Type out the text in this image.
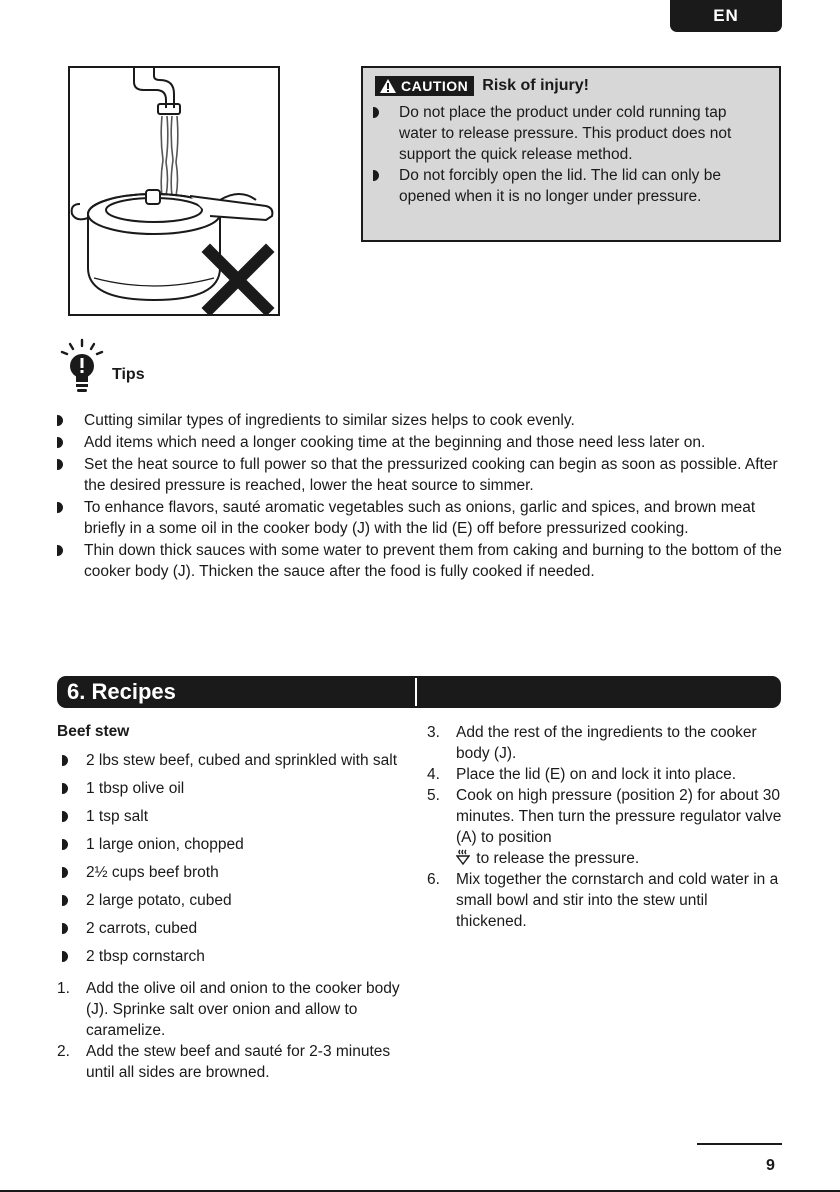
EN
CAUTION Risk of injury!
Do not place the product under cold running tap water to release pressure. This product does not support the quick release method.
Do not forcibly open the lid. The lid can only be opened when it is no longer under pressure.
Tips
Cutting similar types of ingredients to similar sizes helps to cook evenly.
Add items which need a longer cooking time at the beginning and those need less later on.
Set the heat source to full power so that the pressurized cooking can begin as soon as possible. After the desired pressure is reached, lower the heat source to simmer.
To enhance flavors, sauté aromatic vegetables such as onions, garlic and spices, and brown meat briefly in a some oil in the cooker body (J) with the lid (E) off before pressurized cooking.
Thin down thick sauces with some water to prevent them from caking and burning to the bottom of the cooker body (J). Thicken the sauce after the food is fully cooked if needed.
6.
Recipes
Beef stew
2 lbs stew beef, cubed and sprinkled with salt
1 tbsp olive oil
1 tsp salt
1 large onion, chopped
2½ cups beef broth
2 large potato, cubed
2 carrots, cubed
2 tbsp cornstarch
1. Add the olive oil and onion to the cooker body (J). Sprinke salt over onion and allow to caramelize.
2. Add the stew beef and sauté for 2-3 minutes until all sides are browned.
3. Add the rest of the ingredients to the cooker body (J).
4. Place the lid (E) on and lock it into place.
5. Cook on high pressure (position 2) for about 30 minutes. Then turn the pressure regulator valve (A) to position
to release the pressure.
6. Mix together the cornstarch and cold water in a small bowl and stir into the stew until thickened.
9
